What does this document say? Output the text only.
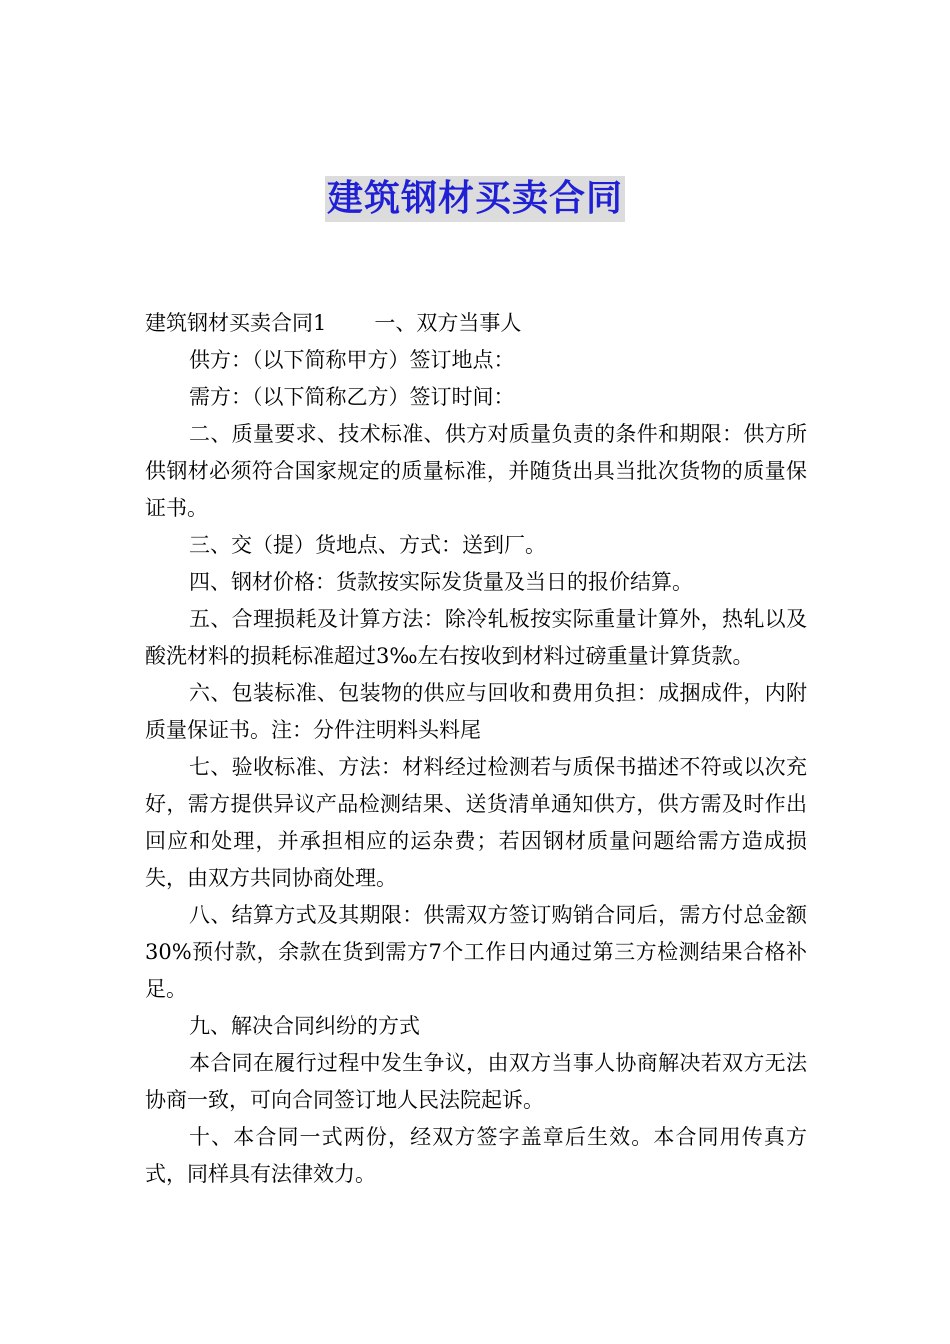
建筑钢材买卖合同

建筑钢材买卖合同1 一、双方当事人

供方：（以下简称甲方）签订地点：

需方：（以下简称乙方）签订时间：

二、质量要求、技术标准、供方对质量负责的条件和期限：供方所供钢材必须符合国家规定的质量标准，并随货出具当批次货物的质量保证书。

三、交（提）货地点、方式：送到厂。

四、钢材价格：货款按实际发货量及当日的报价结算。

五、合理损耗及计算方法：除冷轧板按实际重量计算外，热轧以及酸洗材料的损耗标准超过3‰左右按收到材料过磅重量计算货款。

六、包装标准、包装物的供应与回收和费用负担：成捆成件，内附质量保证书。注：分件注明料头料尾

七、验收标准、方法：材料经过检测若与质保书描述不符或以次充好，需方提供异议产品检测结果、送货清单通知供方，供方需及时作出回应和处理，并承担相应的运杂费；若因钢材质量问题给需方造成损失，由双方共同协商处理。

八、结算方式及其期限：供需双方签订购销合同后，需方付总金额30%预付款，余款在货到需方7个工作日内通过第三方检测结果合格补足。

九、解决合同纠纷的方式

本合同在履行过程中发生争议，由双方当事人协商解决若双方无法协商一致，可向合同签订地人民法院起诉。

十、本合同一式两份，经双方签字盖章后生效。本合同用传真方式，同样具有法律效力。
